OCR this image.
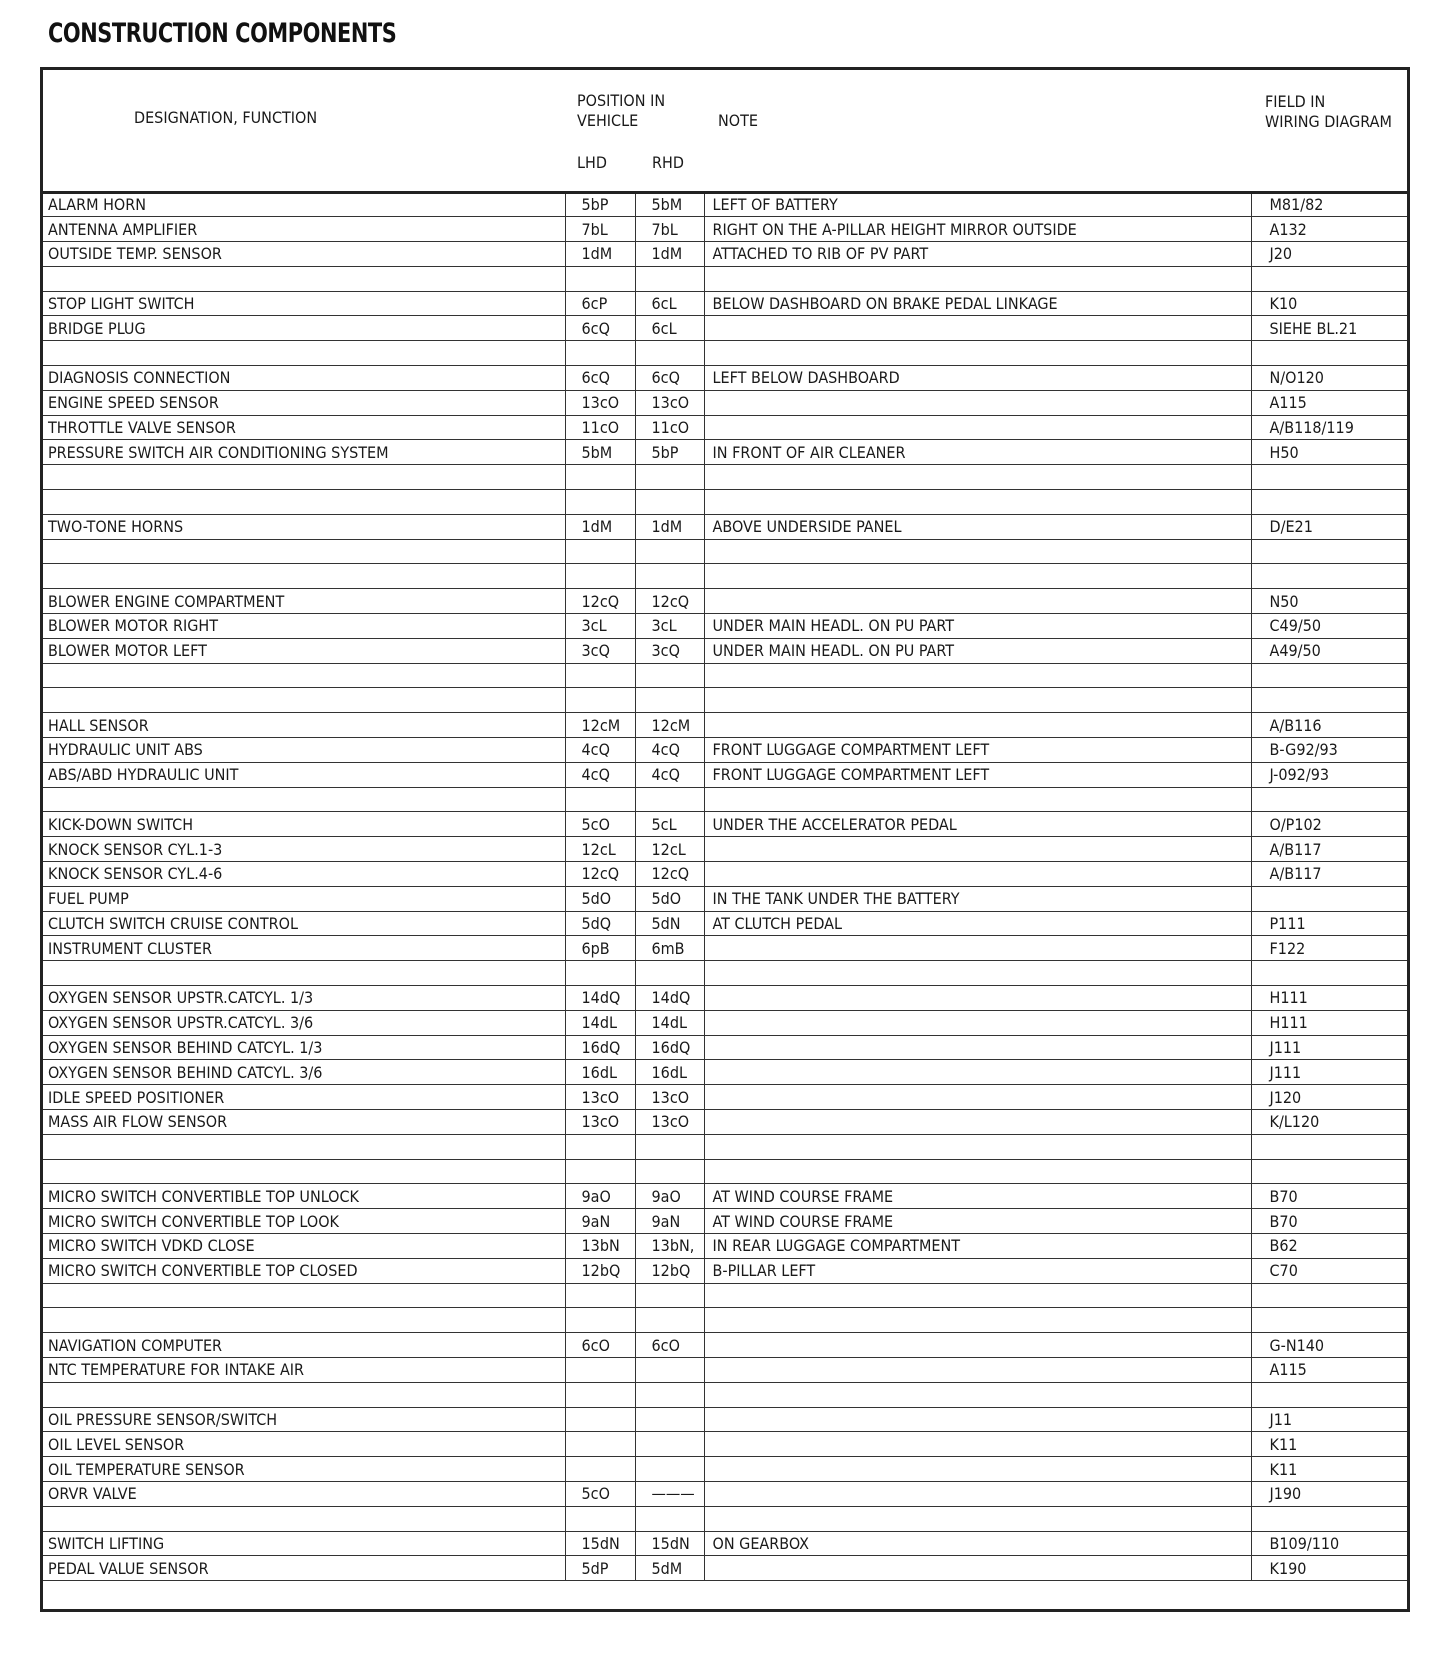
CONSTRUCTION COMPONENTS
DESIGNATION, FUNCTION	POSITION IN
VEHICLE
LHD RHD		NOTE	FIELD IN
WIRING DIAGRAM

ALARM HORN	5bP	5bM	LEFT OF BATTERY	M81/82
ANTENNA AMPLIFIER	7bL	7bL	RIGHT ON THE A-PILLAR HEIGHT MIRROR OUTSIDE	A132
OUTSIDE TEMP. SENSOR	1dM	1dM	ATTACHED TO RIB OF PV PART	J20

STOP LIGHT SWITCH	6cP	6cL	BELOW DASHBOARD ON BRAKE PEDAL LINKAGE	K10
BRIDGE PLUG	6cQ	6cL		SIEHE BL.21

DIAGNOSIS CONNECTION	6cQ	6cQ	LEFT BELOW DASHBOARD	N/O120
ENGINE SPEED SENSOR	13cO	13cO		A115
THROTTLE VALVE SENSOR	11cO	11cO		A/B118/119
PRESSURE SWITCH AIR CONDITIONING SYSTEM	5bM	5bP	IN FRONT OF AIR CLEANER	H50

TWO-TONE HORNS	1dM	1dM	ABOVE UNDERSIDE PANEL	D/E21

BLOWER ENGINE COMPARTMENT	12cQ	12cQ		N50
BLOWER MOTOR RIGHT	3cL	3cL	UNDER MAIN HEADL. ON PU PART	C49/50
BLOWER MOTOR LEFT	3cQ	3cQ	UNDER MAIN HEADL. ON PU PART	A49/50

HALL SENSOR	12cM	12cM		A/B116
HYDRAULIC UNIT ABS	4cQ	4cQ	FRONT LUGGAGE COMPARTMENT LEFT	B-G92/93
ABS/ABD HYDRAULIC UNIT	4cQ	4cQ	FRONT LUGGAGE COMPARTMENT LEFT	J-092/93

KICK-DOWN SWITCH	5cO	5cL	UNDER THE ACCELERATOR PEDAL	O/P102
KNOCK SENSOR CYL.1-3	12cL	12cL		A/B117
KNOCK SENSOR CYL.4-6	12cQ	12cQ		A/B117
FUEL PUMP	5dO	5dO	IN THE TANK UNDER THE BATTERY	
CLUTCH SWITCH CRUISE CONTROL	5dQ	5dN	AT CLUTCH PEDAL	P111
INSTRUMENT CLUSTER	6pB	6mB		F122

OXYGEN SENSOR UPSTR.CATCYL. 1/3	14dQ	14dQ		H111
OXYGEN SENSOR UPSTR.CATCYL. 3/6	14dL	14dL		H111
OXYGEN SENSOR BEHIND CATCYL. 1/3	16dQ	16dQ		J111
OXYGEN SENSOR BEHIND CATCYL. 3/6	16dL	16dL		J111
IDLE SPEED POSITIONER	13cO	13cO		J120
MASS AIR FLOW SENSOR	13cO	13cO		K/L120

MICRO SWITCH CONVERTIBLE TOP UNLOCK	9aO	9aO	AT WIND COURSE FRAME	B70
MICRO SWITCH CONVERTIBLE TOP LOOK	9aN	9aN	AT WIND COURSE FRAME	B70
MICRO SWITCH VDKD CLOSE	13bN	13bN,	IN REAR LUGGAGE COMPARTMENT	B62
MICRO SWITCH CONVERTIBLE TOP CLOSED	12bQ	12bQ	B-PILLAR LEFT	C70

NAVIGATION COMPUTER	6cO	6cO		G-N140
NTC TEMPERATURE FOR INTAKE AIR				A115

OIL PRESSURE SENSOR/SWITCH				J11
OIL LEVEL SENSOR				K11
OIL TEMPERATURE SENSOR				K11
ORVR VALVE	5cO	———		J190

SWITCH LIFTING	15dN	15dN	ON GEARBOX	B109/110
PEDAL VALUE SENSOR	5dP	5dM		K190
